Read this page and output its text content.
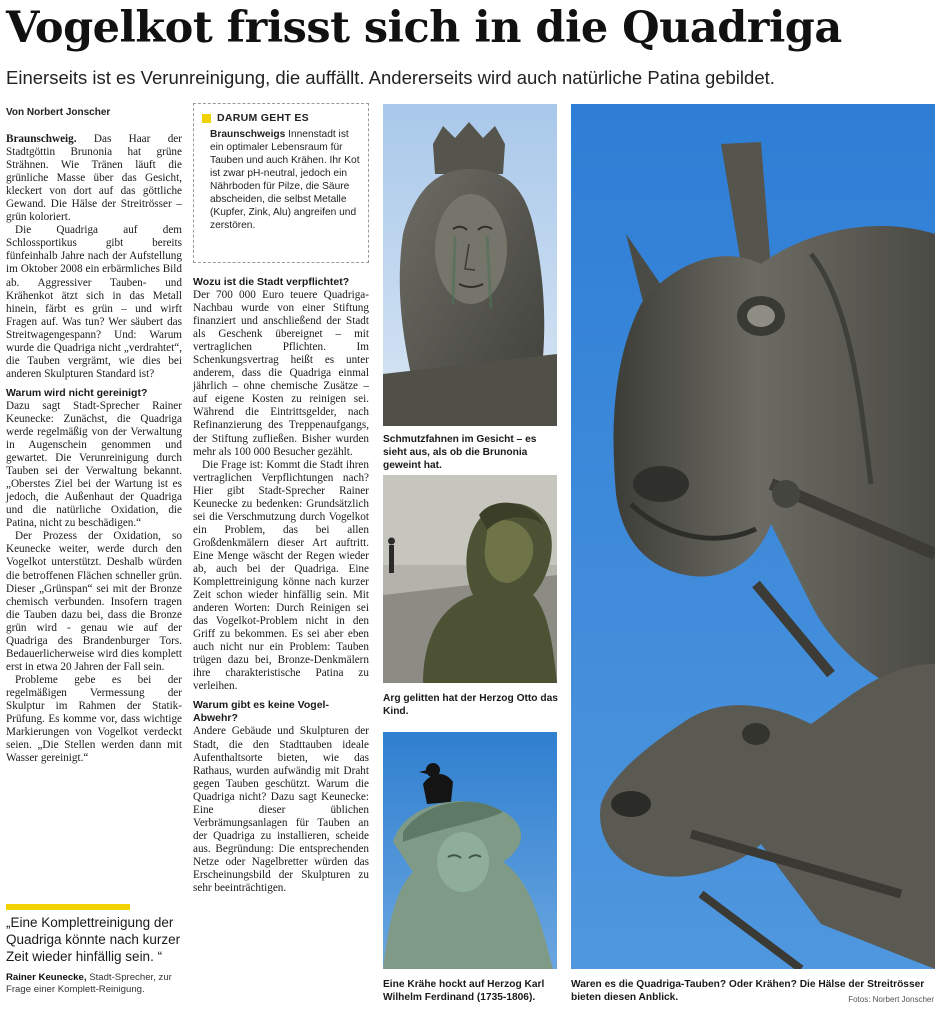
Vogelkot frisst sich in die Quadriga
Einerseits ist es Verunreinigung, die auffällt. Andererseits wird auch natürliche Patina gebildet.
Von Norbert Jonscher

Braunschweig. Das Haar der Stadtgöttin Brunonia hat grüne Strähnen. Wie Tränen läuft die grünliche Masse über das Gesicht, kleckert von dort auf das göttliche Gewand. Die Hälse der Streitrösser – grün koloriert.

Die Quadriga auf dem Schlossportikus gibt bereits fünfeinhalb Jahre nach der Aufstellung im Oktober 2008 ein erbärmliches Bild ab. Aggressiver Tauben- und Krähenkot ätzt sich in das Metall hinein, färbt es grün – und wirft Fragen auf. Was tun? Wer säubert das Streitwagengespann? Und: Warum wurde die Quadriga nicht „verdrahtet“, die Tauben vergrämt, wie dies bei anderen Skulpturen Standard ist?

Warum wird nicht gereinigt?

Dazu sagt Stadt-Sprecher Rainer Keunecke: Zunächst, die Quadriga werde regelmäßig von der Verwaltung in Augenschein genommen und gewartet. Die Verunreinigung durch Tauben sei der Verwaltung bekannt. „Oberstes Ziel bei der Wartung ist es jedoch, die Außenhaut der Quadriga und die natürliche Oxidation, die Patina, nicht zu beschädigen.“

Der Prozess der Oxidation, so Keunecke weiter, werde durch den Vogelkot unterstützt. Deshalb würden die betroffenen Flächen schneller grün. Dieser „Grünspan“ sei mit der Bronze chemisch verbunden. Insofern tragen die Tauben dazu bei, dass die Bronze grün wird - genau wie auf der Quadriga des Brandenburger Tors. Bedauerlicherweise wird dies komplett erst in etwa 20 Jahren der Fall sein.

Probleme gebe es bei der regelmäßigen Vermessung der Skulptur im Rahmen der Statik-Prüfung. Es komme vor, dass wichtige Markierungen von Vogelkot verdeckt seien. „Die Stellen werden dann mit Wasser gereinigt.“

DARUM GEHT ES
Braunschweigs Innenstadt ist ein optimaler Lebensraum für Tauben und auch Krähen. Ihr Kot ist zwar pH-neutral, jedoch ein Nährboden für Pilze, die Säure abscheiden, die selbst Metalle (Kupfer, Zink, Alu) angreifen und zerstören.
Wozu ist die Stadt verpflichtet?

Der 700 000 Euro teuere Quadriga-Nachbau wurde von einer Stiftung finanziert und anschließend der Stadt als Geschenk übereignet – mit vertraglichen Pflichten. Im Schenkungsvertrag heißt es unter anderem, dass die Quadriga einmal jährlich – ohne chemische Zusätze – auf eigene Kosten zu reinigen sei. Während die Eintrittsgelder, nach Refinanzierung des Treppenaufgangs, der Stiftung zufließen. Bisher wurden mehr als 100 000 Besucher gezählt.

Die Frage ist: Kommt die Stadt ihren vertraglichen Verpflichtungen nach? Hier gibt Stadt-Sprecher Rainer Keunecke zu bedenken: Grundsätzlich sei die Verschmutzung durch Vogelkot ein Problem, das bei allen Großdenkmälern dieser Art auftritt. Eine Menge wäscht der Regen wieder ab, auch bei der Quadriga. Eine Komplettreinigung könne nach kurzer Zeit schon wieder hinfällig sein. Mit anderen Worten: Durch Reinigen sei das Vogelkot-Problem nicht in den Griff zu bekommen. Es sei aber eben auch nicht nur ein Problem: Tauben trügen dazu bei, Bronze-Denkmälern ihre charakteristische Patina zu verleihen.

Warum gibt es keine Vogel-Abwehr?

Andere Gebäude und Skulpturen der Stadt, die den Stadttauben ideale Aufenthaltsorte bieten, wie das Rathaus, wurden aufwändig mit Draht gegen Tauben geschützt. Warum die Quadriga nicht? Dazu sagt Keunecke: Eine dieser üblichen Verbrämungsanlagen für Tauben an der Quadriga zu installieren, scheide aus. Begründung: Die entsprechenden Netze oder Nagelbretter würden das Erscheinungsbild der Skulpturen zu sehr beeinträchtigen.

„Eine Komplettreinigung der Quadriga könnte nach kurzer Zeit wieder hinfällig sein. “
Rainer Keunecke, Stadt-Sprecher, zur Frage einer Komplett-Reinigung.
Schmutzfahnen im Gesicht – es sieht aus, als ob die Brunonia geweint hat.
Arg gelitten hat der Herzog Otto das Kind.
Eine Krähe hockt auf Herzog Karl Wilhelm Ferdinand (1735-1806).
Waren es die Quadriga-Tauben? Oder Krähen? Die Hälse der Streitrösser bieten diesen Anblick.	Fotos: Norbert Jonscher
